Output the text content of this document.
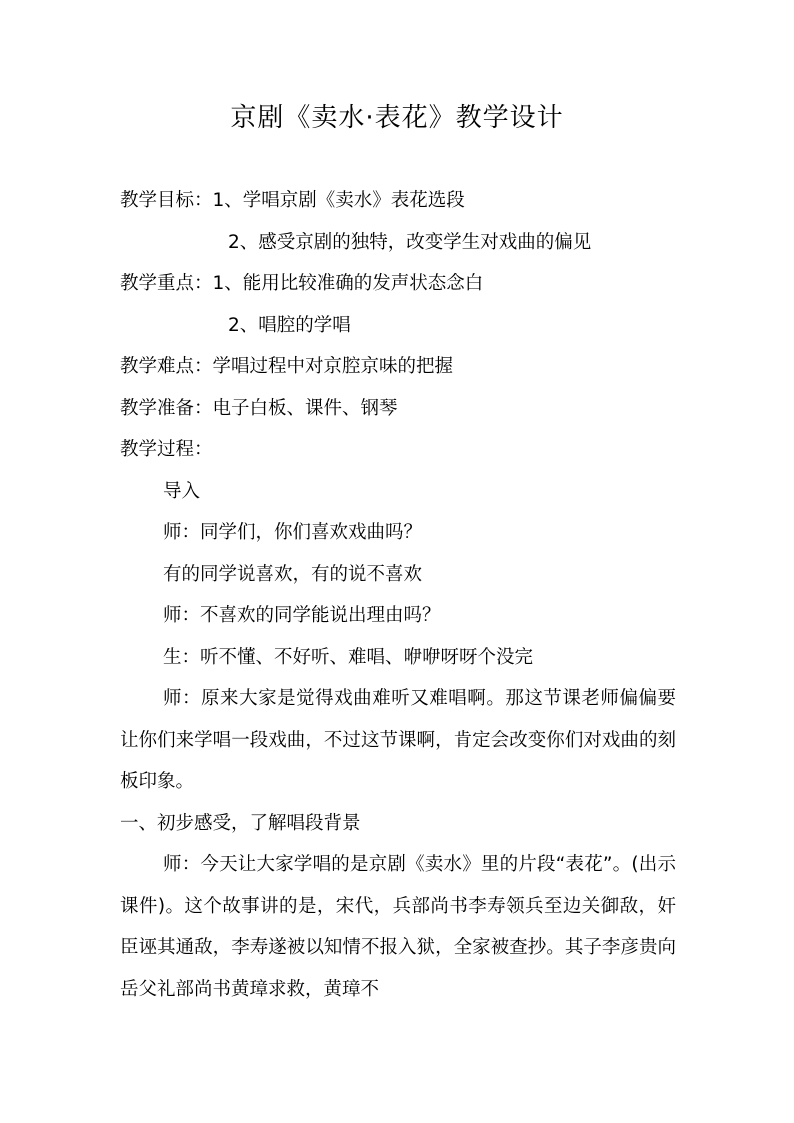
京剧《卖水·表花》教学设计
教学目标：1、学唱京剧《卖水》表花选段
2、感受京剧的独特，改变学生对戏曲的偏见
教学重点：1、能用比较准确的发声状态念白
2、唱腔的学唱
教学难点：学唱过程中对京腔京味的把握
教学准备：电子白板、课件、钢琴
教学过程：
导入
师：同学们，你们喜欢戏曲吗？
有的同学说喜欢，有的说不喜欢
师：不喜欢的同学能说出理由吗？
生：听不懂、不好听、难唱、咿咿呀呀个没完
师：原来大家是觉得戏曲难听又难唱啊。那这节课老师偏偏要让你们来学唱一段戏曲，不过这节课啊，肯定会改变你们对戏曲的刻板印象。
一、初步感受，了解唱段背景
师：今天让大家学唱的是京剧《卖水》里的片段“表花”。(出示课件)。这个故事讲的是，宋代，兵部尚书李寿领兵至边关御敌，奸臣诬其通敌，李寿遂被以知情不报入狱，全家被查抄。其子李彦贵向岳父礼部尚书黄璋求救，黄璋不
